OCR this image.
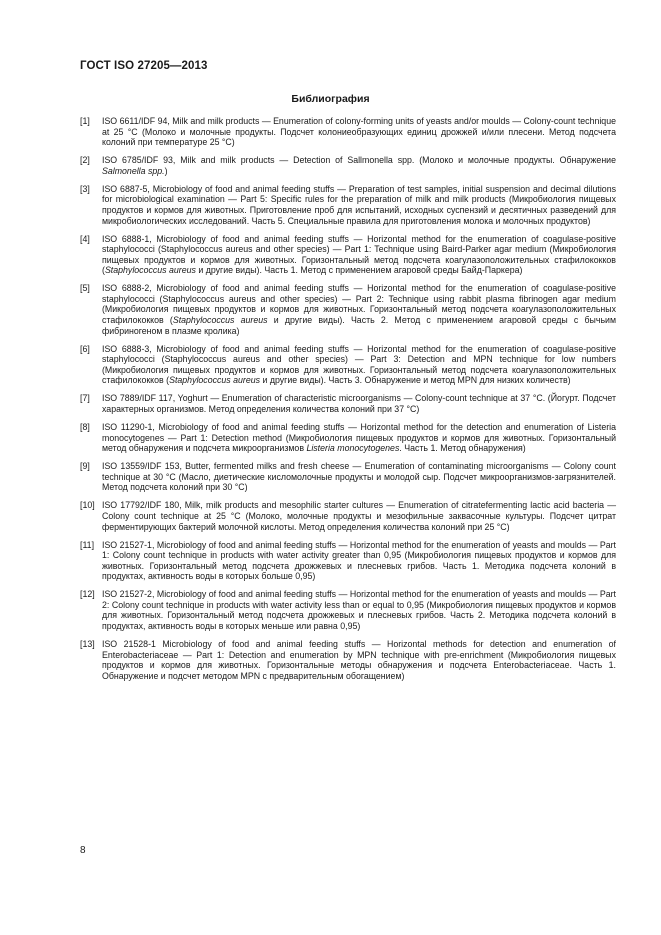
ГОСТ ISO 27205—2013
Библиография
[1]	ISO 6611/IDF 94, Milk and milk products — Enumeration of colony-forming units of yeasts and/or moulds — Colony-count technique at 25 °C (Молоко и молочные продукты. Подсчет колониеобразующих единиц дрожжей и/или плесени. Метод подсчета колоний при температуре 25 °C)
[2]	ISO 6785/IDF 93, Milk and milk products — Detection of Sallmonella spp. (Молоко и молочные продукты. Обнаружение Salmonella spp.)
[3]	ISO 6887-5, Microbiology of food and animal feeding stuffs — Preparation of test samples, initial suspension and decimal dilutions for microbiological examination — Part 5: Specific rules for the preparation of milk and milk products (Микробиология пищевых продуктов и кормов для животных. Приготовление проб для испытаний, исходных суспензий и десятичных разведений для микробиологических исследований. Часть 5. Специальные правила для приготовления молока и молочных продуктов)
[4]	ISO 6888-1, Microbiology of food and animal feeding stuffs — Horizontal method for the enumeration of coagulase-positive staphylococci (Staphylococcus aureus and other species) — Part 1: Technique using Baird-Parker agar medium (Микробиология пищевых продуктов и кормов для животных. Горизонтальный метод подсчета коагулазоположительных стафилококков (Staphylococcus aureus и другие виды). Часть 1. Метод с применением агаровой среды Байд-Паркера)
[5]	ISO 6888-2, Microbiology of food and animal feeding stuffs — Horizontal method for the enumeration of coagulase-positive staphylococci (Staphylococcus aureus and other species) — Part 2: Technique using rabbit plasma fibrinogen agar medium (Микробиология пищевых продуктов и кормов для животных. Горизонтальный метод подсчета коагулазоположительных стафилококков (Staphylococcus aureus и другие виды). Часть 2. Метод с применением агаровой среды с бычьим фибриногеном в плазме кролика)
[6]	ISO 6888-3, Microbiology of food and animal feeding stuffs — Horizontal method for the enumeration of coagulase-positive staphylococci (Staphylococcus aureus and other species) — Part 3: Detection and MPN technique for low numbers (Микробиология пищевых продуктов и кормов для животных. Горизонтальный метод подсчета коагулазоположительных стафилококков (Staphylococcus aureus и другие виды). Часть 3. Обнаружение и метод MPN для низких количеств)
[7]	ISO 7889/IDF 117, Yoghurt — Enumeration of characteristic microorganisms — Colony-count technique at 37 °C. (Йогурт. Подсчет характерных организмов. Метод определения количества колоний при 37 °C)
[8]	ISO 11290-1, Microbiology of food and animal feeding stuffs — Horizontal method for the detection and enumeration of Listeria monocytogenes — Part 1: Detection method (Микробиология пищевых продуктов и кормов для животных. Горизонтальный метод обнаружения и подсчета микроорганизмов Listeria monocytogenes. Часть 1. Метод обнаружения)
[9]	ISO 13559/IDF 153, Butter, fermented milks and fresh cheese — Enumeration of contaminating microorganisms — Colony count technique at 30 °C (Масло, диетические кисломолочные продукты и молодой сыр. Подсчет микроорганизмов-загрязнителей. Метод подсчета колоний при 30 °C)
[10] ISO 17792/IDF 180, Milk, milk products and mesophilic starter cultures — Enumeration of citratefermenting lactic acid bacteria — Colony count technique at 25 °C (Молоко, молочные продукты и мезофильные заквасочные культуры. Подсчет цитрат ферментирующих бактерий молочной кислоты. Метод определения количества колоний при 25 °C)
[11] ISO 21527-1, Microbiology of food and animal feeding stuffs — Horizontal method for the enumeration of yeasts and moulds — Part 1: Colony count technique in products with water activity greater than 0,95 (Микробиология пищевых продуктов и кормов для животных. Горизонтальный метод подсчета дрожжевых и плесневых грибов. Часть 1. Методика подсчета колоний в продуктах, активность воды в которых больше 0,95)
[12] ISO 21527-2, Microbiology of food and animal feeding stuffs — Horizontal method for the enumeration of yeasts and moulds — Part 2: Colony count technique in products with water activity less than or equal to 0,95 (Микробиология пищевых продуктов и кормов для животных. Горизонтальный метод подсчета дрожжевых и плесневых грибов. Часть 2. Методика подсчета колоний в продуктах, активность воды в которых меньше или равна 0,95)
[13] ISO 21528-1 Microbiology of food and animal feeding stuffs — Horizontal methods for detection and enumeration of Enterobacteriaceae — Part 1: Detection and enumeration by MPN technique with pre-enrichment (Микробиология пищевых продуктов и кормов для животных. Горизонтальные методы обнаружения и подсчета Enterobacteriaceae. Часть 1. Обнаружение и подсчет методом MPN с предварительным обогащением)
8
